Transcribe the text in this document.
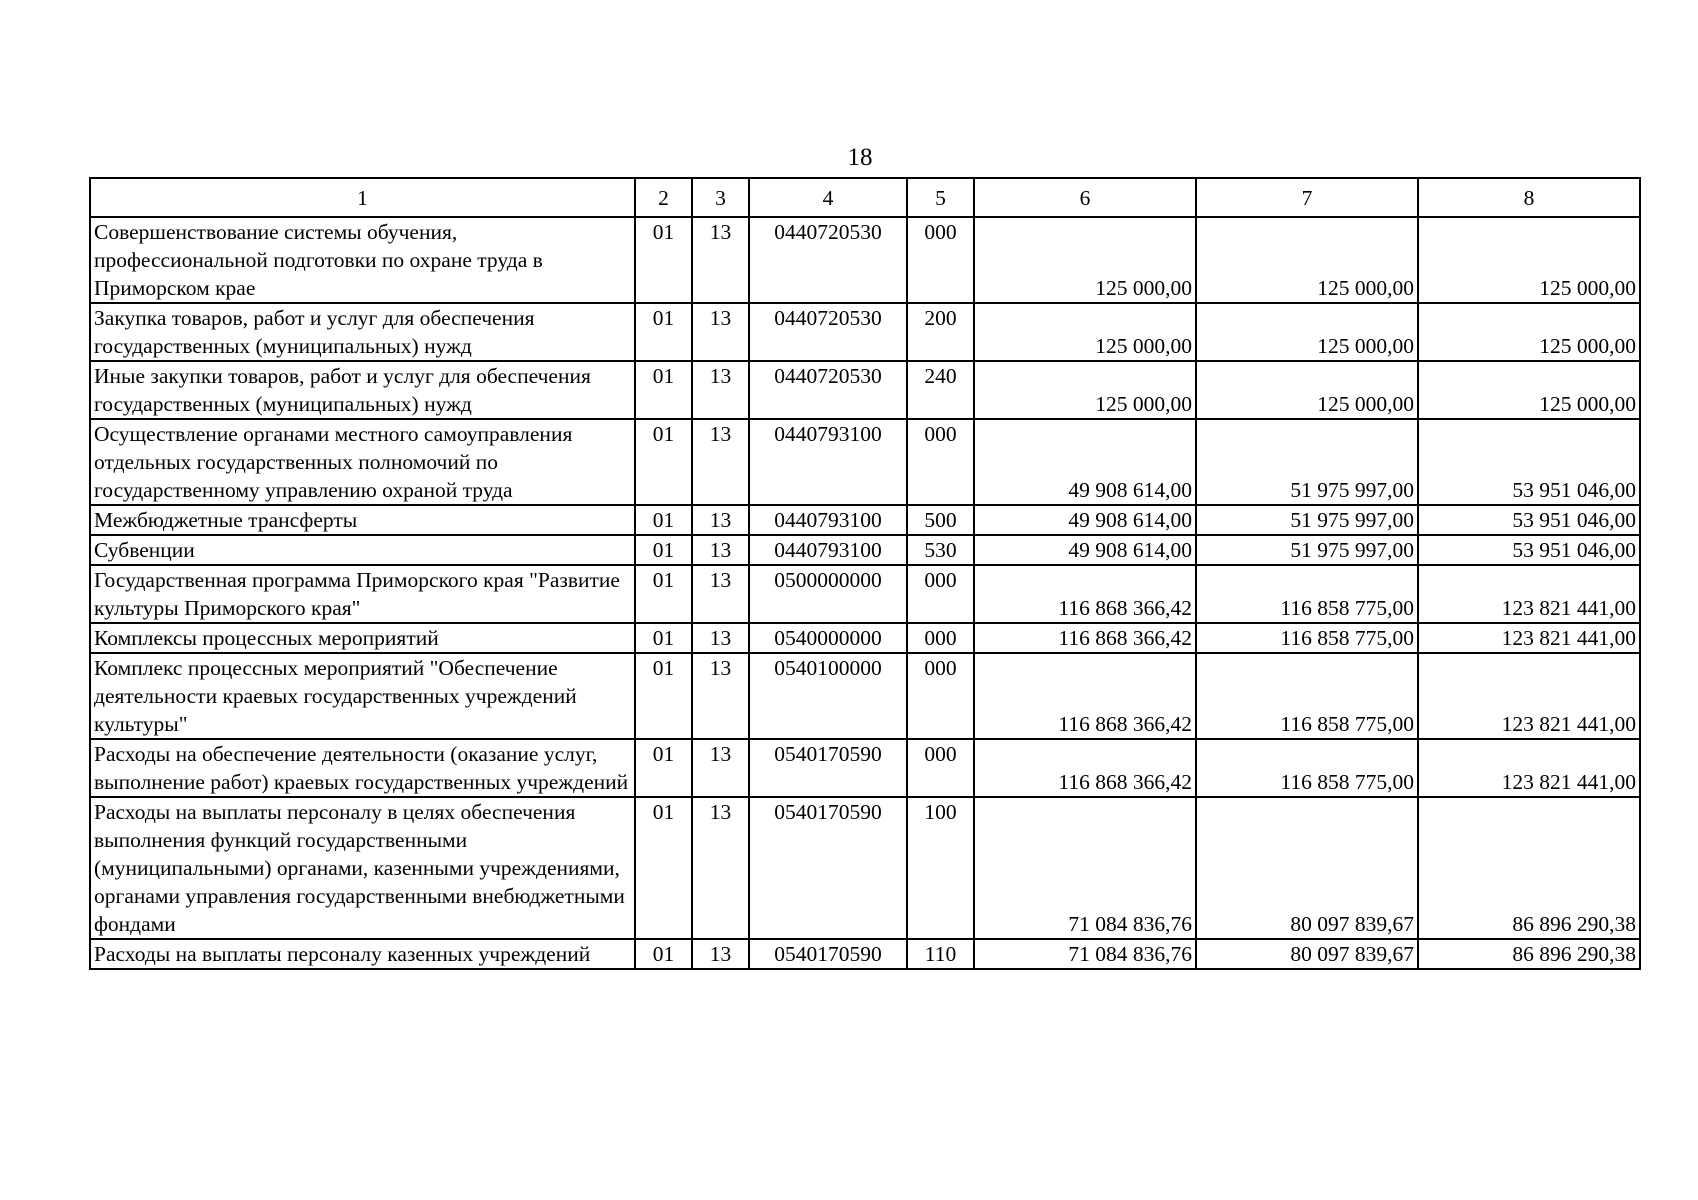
18
1	2	3	4	5	6	7	8
Совершенствование системы обучения, профессиональной подготовки по охране труда в Приморском крае	01	13	0440720530	000	125 000,00	125 000,00	125 000,00
Закупка товаров, работ и услуг для обеспечения государственных (муниципальных) нужд	01	13	0440720530	200	125 000,00	125 000,00	125 000,00
Иные закупки товаров, работ и услуг для обеспечения государственных (муниципальных) нужд	01	13	0440720530	240	125 000,00	125 000,00	125 000,00
Осуществление органами местного самоуправления отдельных государственных полномочий по государственному управлению охраной труда	01	13	0440793100	000	49 908 614,00	51 975 997,00	53 951 046,00
Межбюджетные трансферты	01	13	0440793100	500	49 908 614,00	51 975 997,00	53 951 046,00
Субвенции	01	13	0440793100	530	49 908 614,00	51 975 997,00	53 951 046,00
Государственная программа Приморского края "Развитие культуры Приморского края"	01	13	0500000000	000	116 868 366,42	116 858 775,00	123 821 441,00
Комплексы процессных мероприятий	01	13	0540000000	000	116 868 366,42	116 858 775,00	123 821 441,00
Комплекс процессных мероприятий "Обеспечение деятельности краевых государственных учреждений культуры"	01	13	0540100000	000	116 868 366,42	116 858 775,00	123 821 441,00
Расходы на обеспечение деятельности (оказание услуг, выполнение работ) краевых государственных учреждений	01	13	0540170590	000	116 868 366,42	116 858 775,00	123 821 441,00
Расходы на выплаты персоналу в целях обеспечения выполнения функций государственными (муниципальными) органами, казенными учреждениями, органами управления государственными внебюджетными фондами	01	13	0540170590	100	71 084 836,76	80 097 839,67	86 896 290,38
Расходы на выплаты персоналу казенных учреждений	01	13	0540170590	110	71 084 836,76	80 097 839,67	86 896 290,38
